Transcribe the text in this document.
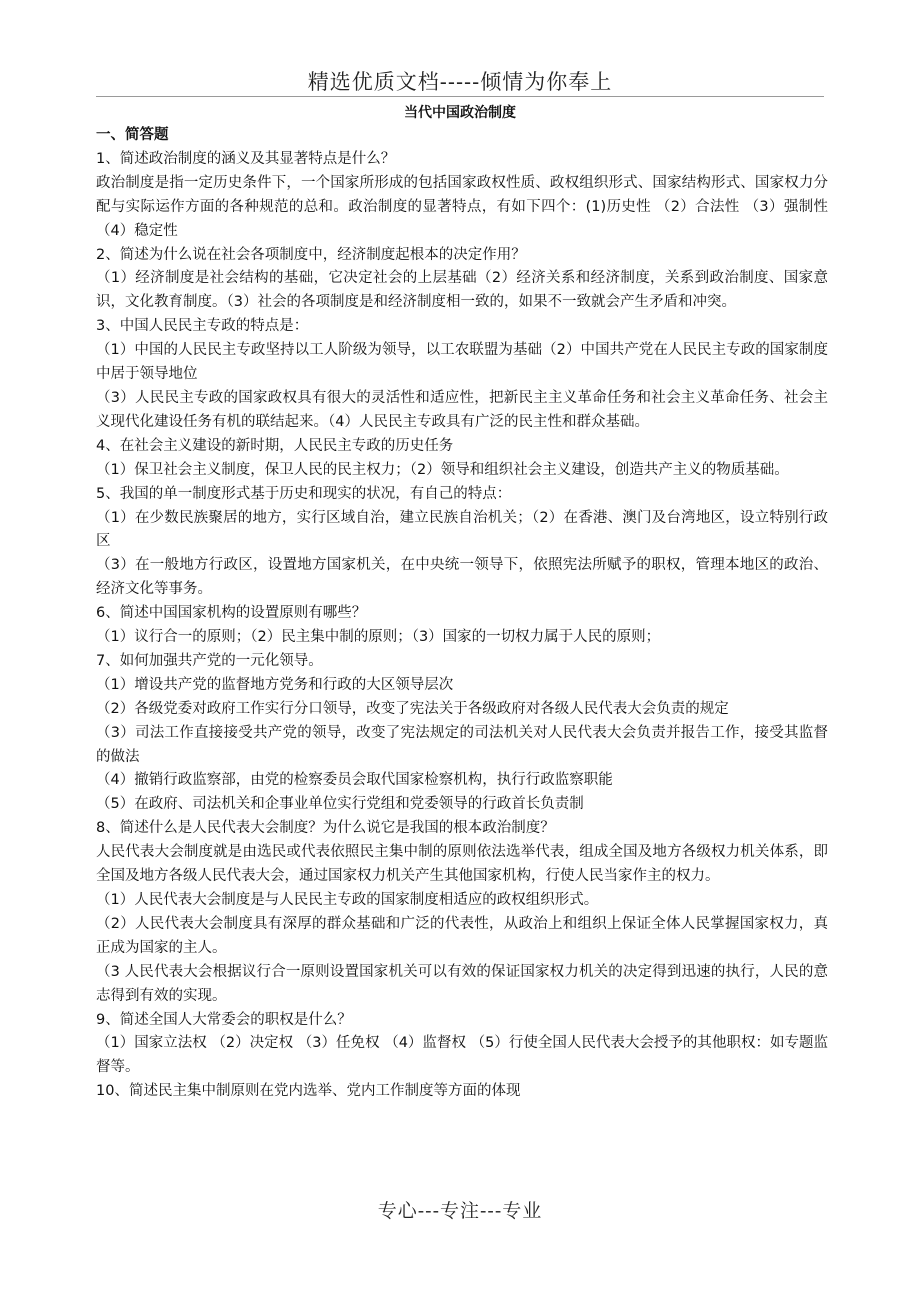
精选优质文档-----倾情为你奉上
当代中国政治制度

一、简答题

1、简述政治制度的涵义及其显著特点是什么？

政治制度是指一定历史条件下，一个国家所形成的包括国家政权性质、政权组织形式、国家结构形式、国家权力分配与实际运作方面的各种规范的总和。政治制度的显著特点，有如下四个：(1)历史性 （2）合法性 （3）强制性（4）稳定性

2、简述为什么说在社会各项制度中，经济制度起根本的决定作用？

（1）经济制度是社会结构的基础，它决定社会的上层基础（2）经济关系和经济制度，关系到政治制度、国家意识，文化教育制度。（3）社会的各项制度是和经济制度相一致的，如果不一致就会产生矛盾和冲突。

3、中国人民民主专政的特点是：

（1）中国的人民民主专政坚持以工人阶级为领导，以工农联盟为基础（2）中国共产党在人民民主专政的国家制度中居于领导地位

（3）人民民主专政的国家政权具有很大的灵活性和适应性，把新民主主义革命任务和社会主义革命任务、社会主义现代化建设任务有机的联结起来。（4）人民民主专政具有广泛的民主性和群众基础。

4、在社会主义建设的新时期，人民民主专政的历史任务

（1）保卫社会主义制度，保卫人民的民主权力；（2）领导和组织社会主义建设，创造共产主义的物质基础。

5、我国的单一制度形式基于历史和现实的状况，有自己的特点：

（1）在少数民族聚居的地方，实行区域自治，建立民族自治机关；（2）在香港、澳门及台湾地区，设立特别行政区

（3）在一般地方行政区，设置地方国家机关，在中央统一领导下，依照宪法所赋予的职权，管理本地区的政治、经济文化等事务。

6、简述中国国家机构的设置原则有哪些？

（1）议行合一的原则；（2）民主集中制的原则；（3）国家的一切权力属于人民的原则；

7、如何加强共产党的一元化领导。

（1）增设共产党的监督地方党务和行政的大区领导层次

（2）各级党委对政府工作实行分口领导，改变了宪法关于各级政府对各级人民代表大会负责的规定

（3）司法工作直接接受共产党的领导，改变了宪法规定的司法机关对人民代表大会负责并报告工作，接受其监督的做法

（4）撤销行政监察部，由党的检察委员会取代国家检察机构，执行行政监察职能

（5）在政府、司法机关和企事业单位实行党组和党委领导的行政首长负责制

8、简述什么是人民代表大会制度？为什么说它是我国的根本政治制度？

人民代表大会制度就是由选民或代表依照民主集中制的原则依法选举代表，组成全国及地方各级权力机关体系，即全国及地方各级人民代表大会，通过国家权力机关产生其他国家机构，行使人民当家作主的权力。

（1）人民代表大会制度是与人民民主专政的国家制度相适应的政权组织形式。

（2）人民代表大会制度具有深厚的群众基础和广泛的代表性，从政治上和组织上保证全体人民掌握国家权力，真正成为国家的主人。

（3 人民代表大会根据议行合一原则设置国家机关可以有效的保证国家权力机关的决定得到迅速的执行，人民的意志得到有效的实现。

9、简述全国人大常委会的职权是什么？

（1）国家立法权 （2）决定权 （3）任免权 （4）监督权 （5）行使全国人民代表大会授予的其他职权：如专题监督等。

10、简述民主集中制原则在党内选举、党内工作制度等方面的体现

专心---专注---专业
